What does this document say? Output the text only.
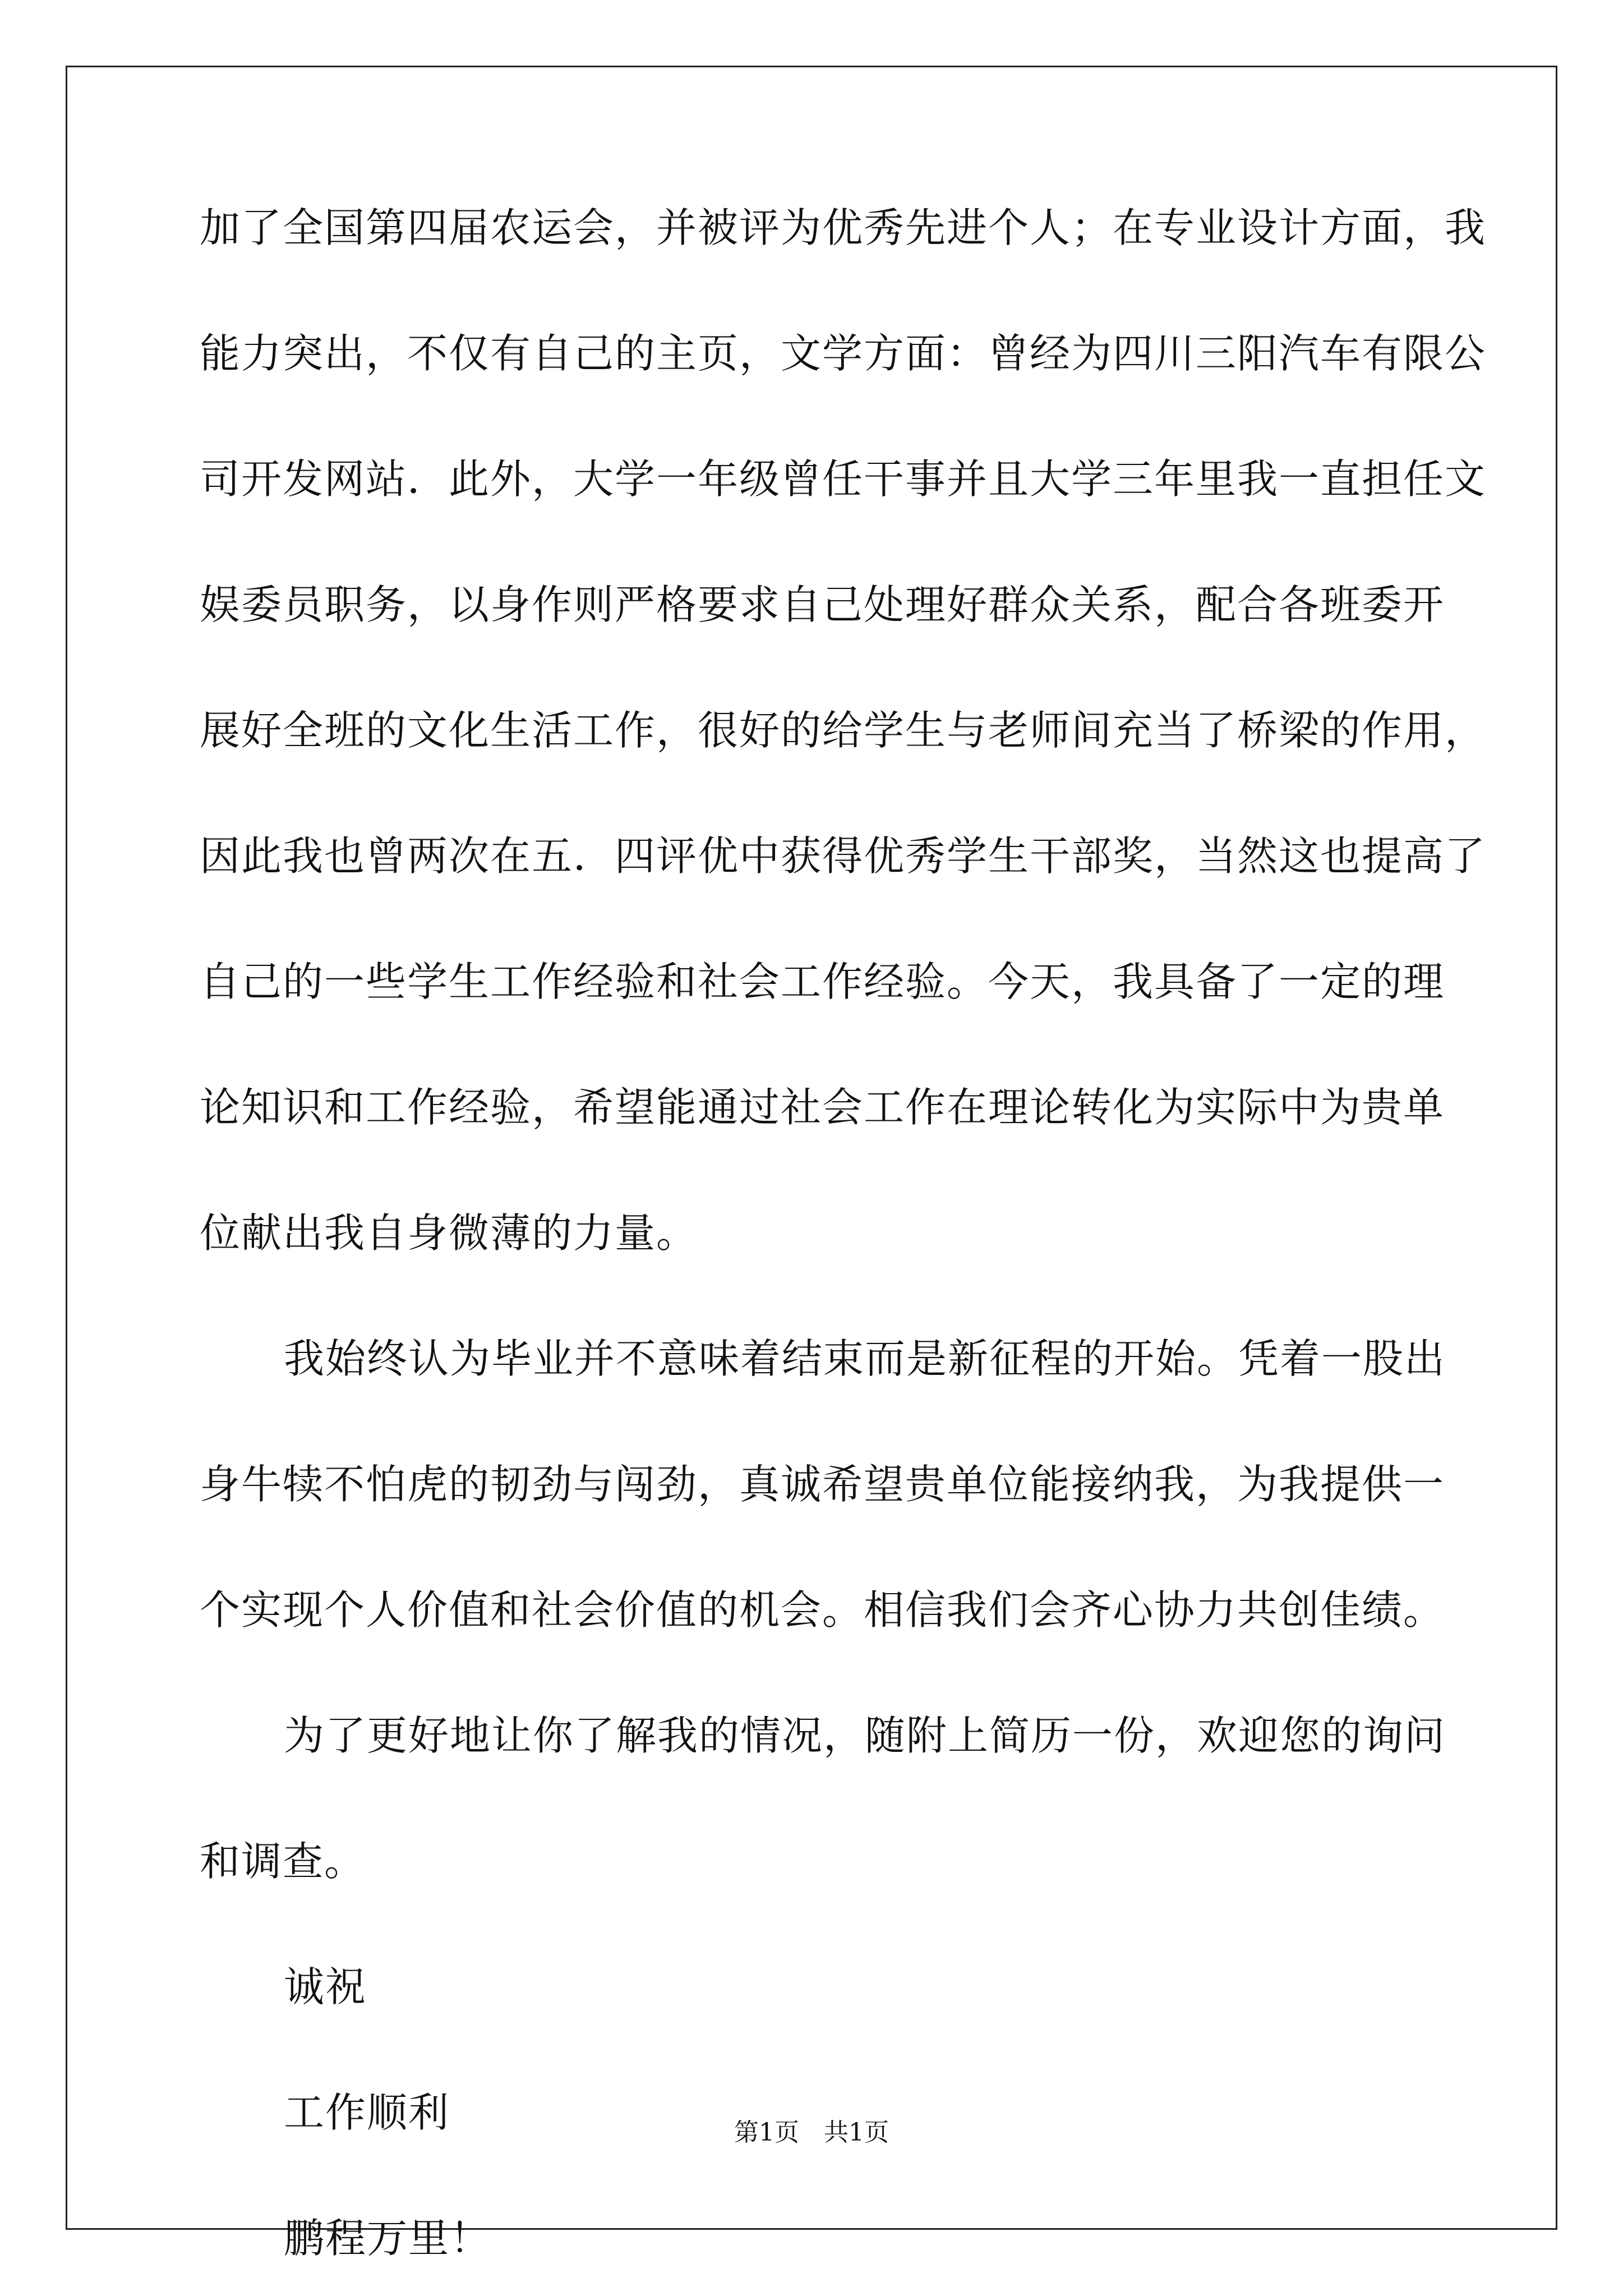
加了全国第四届农运会，并被评为优秀先进个人；在专业设计方面，我

能力突出，不仅有自己的主页，文学方面：曾经为四川三阳汽车有限公

司开发网站．此外，大学一年级曾任干事并且大学三年里我一直担任文

娱委员职务，以身作则严格要求自己处理好群众关系，配合各班委开

展好全班的文化生活工作，很好的给学生与老师间充当了桥梁的作用，

因此我也曾两次在五．四评优中获得优秀学生干部奖，当然这也提高了

自己的一些学生工作经验和社会工作经验。今天，我具备了一定的理

论知识和工作经验，希望能通过社会工作在理论转化为实际中为贵单

位献出我自身微薄的力量。

我始终认为毕业并不意味着结束而是新征程的开始。凭着一股出

身牛犊不怕虎的韧劲与闯劲，真诚希望贵单位能接纳我，为我提供一

个实现个人价值和社会价值的机会。相信我们会齐心协力共创佳绩。

为了更好地让你了解我的情况，随附上简历一份，欢迎您的询问

和调查。

诚祝

工作顺利

鹏程万里！

第1页 共1页
